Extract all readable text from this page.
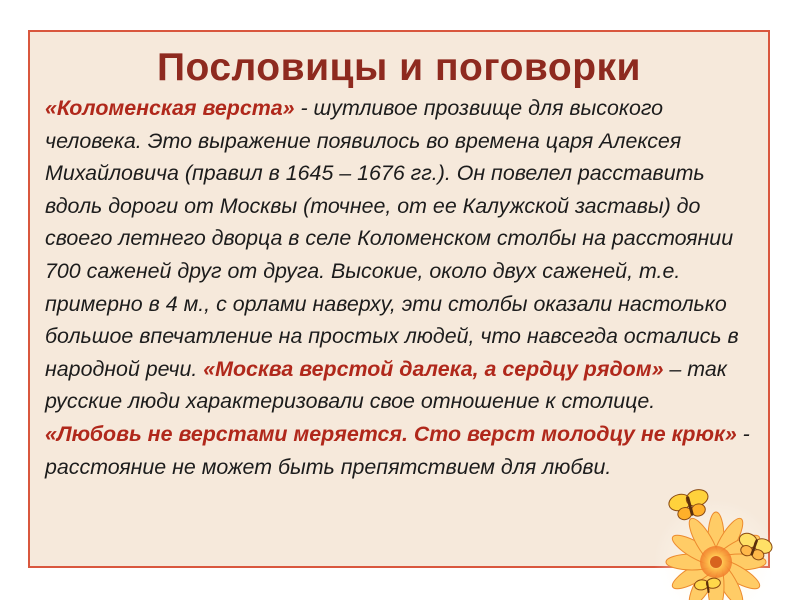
Пословицы и поговорки

«Коломенская верста» - шутливое прозвище для высокого человека. Это выражение появилось во времена царя Алексея Михайловича (правил в 1645 – 1676 гг.). Он повелел расставить вдоль дороги от Москвы (точнее, от ее Калужской заставы) до своего летнего дворца в селе Коломенском столбы на расстоянии 700 саженей друг от друга. Высокие, около двух саженей, т.е. примерно в 4 м., с орлами наверху, эти столбы оказали настолько большое впечатление на простых людей, что навсегда остались в народной речи. «Москва верстой далека, а сердцу рядом» – так русские люди характеризовали свое отношение к столице. «Любовь не верстами меряется. Сто верст молодцу не крюк» - расстояние не может быть препятствием для любви.
